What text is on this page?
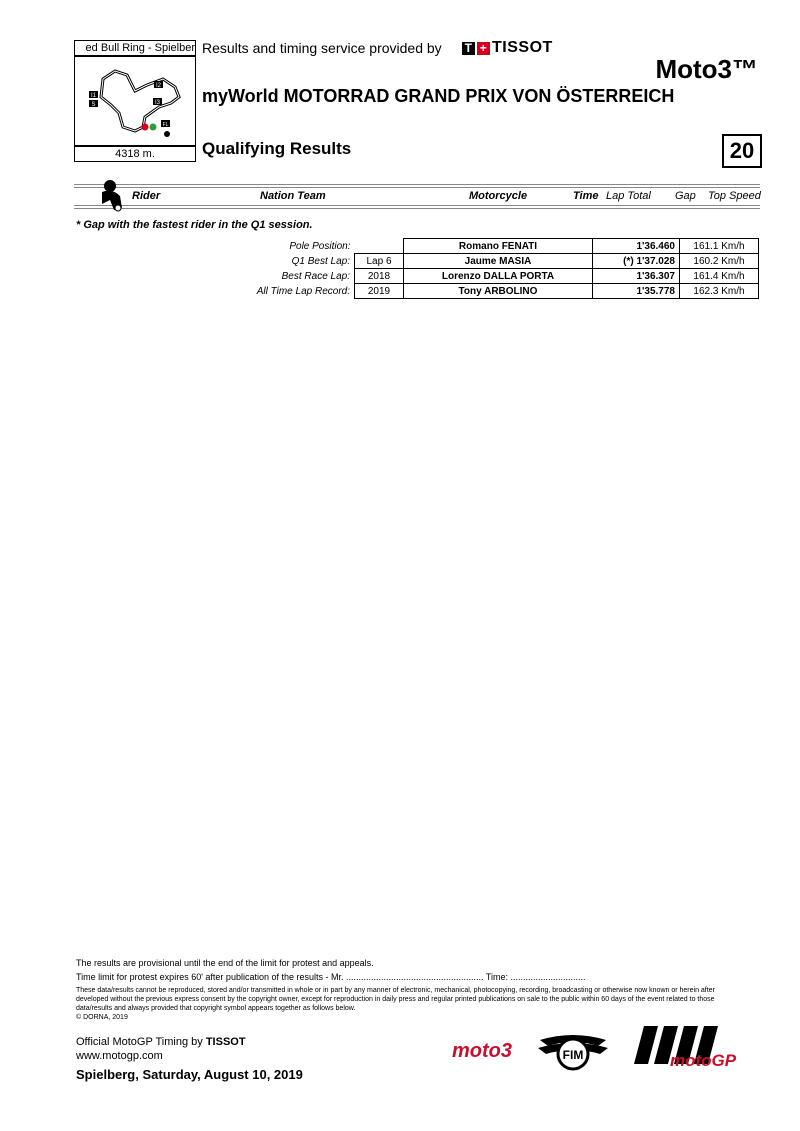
ed Bull Ring - Spielber
I1
S
I2
I3
FL
4318 m.
Results and timing service provided by T + TISSOT
Moto3™
myWorld MOTORRAD GRAND PRIX VON ÖSTERREICH
Qualifying Results	20
Rider	Nation Team	Motorcycle	Time Lap Total Gap Top Speed
* Gap with the fastest rider in the Q1 session.
Pole Position:		Romano FENATI	1'36.460	161.1 Km/h
Q1 Best Lap:	Lap 6	Jaume MASIA	(*) 1'37.028	160.2 Km/h
Best Race Lap:	2018	Lorenzo DALLA PORTA	1'36.307	161.4 Km/h
All Time Lap Record:	2019	Tony ARBOLINO	1'35.778	162.3 Km/h
The results are provisional until the end of the limit for protest and appeals.
Time limit for protest expires 60' after publication of the results - Mr. ....................................................... Time: ..............................
These data/results cannot be reproduced, stored and/or transmitted in whole or in part by any manner of electronic, mechanical, photocopying, recording, broadcasting or otherwise now known or herein after developed without the previous express consent by the copyright owner, except for reproduction in daily press and regular printed publications on sale to the public within 60 days of the event related to those data/results and always provided that copyright symbol appears together as follows below.
© DORNA, 2019
Official MotoGP Timing by TISSOT
www.motogp.com
Spielberg, Saturday, August 10, 2019
moto3	FIM	motoGP
